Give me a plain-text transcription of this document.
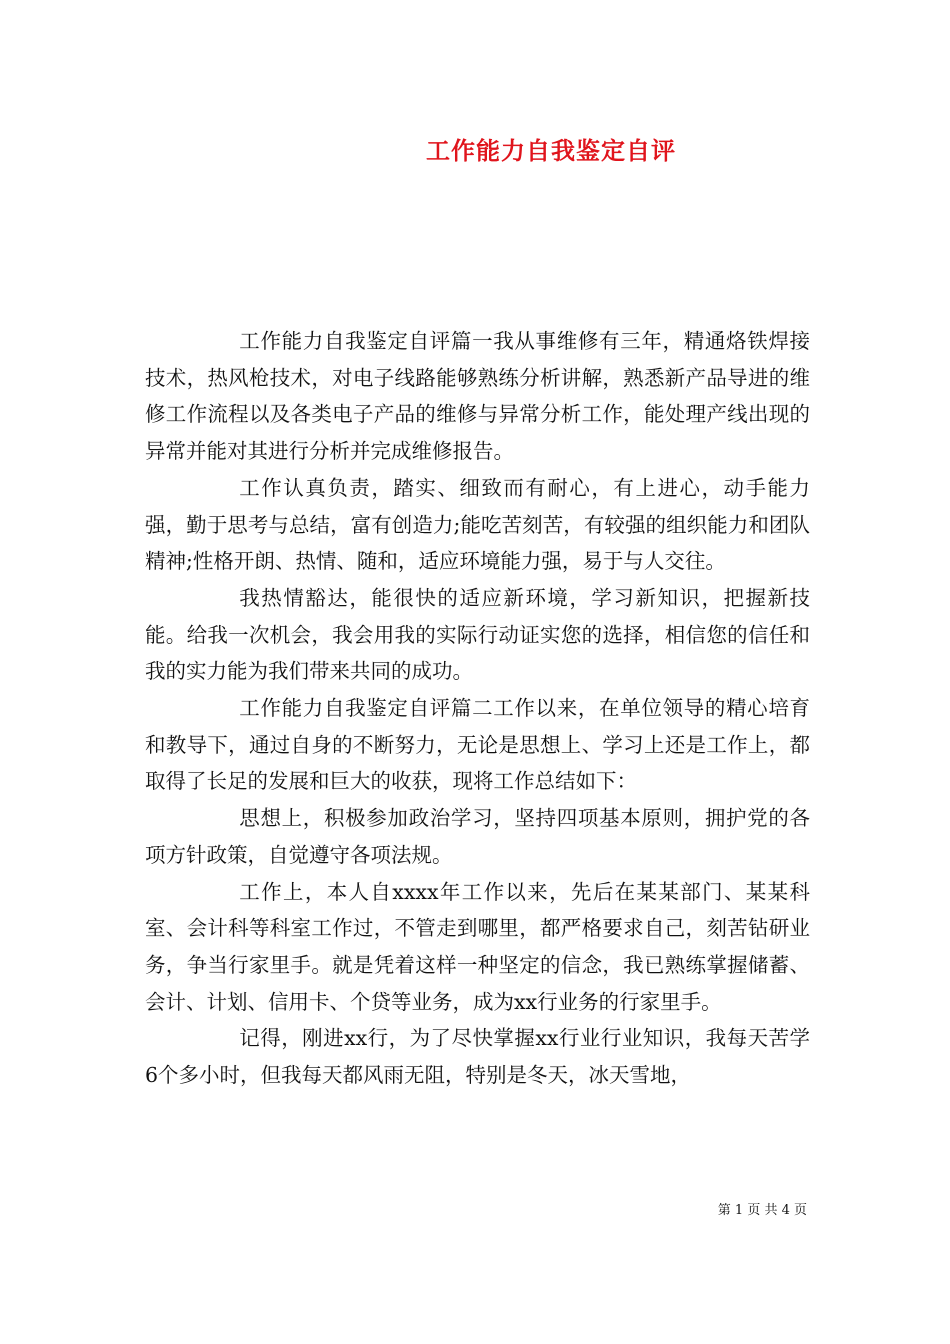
工作能力自我鉴定自评

工作能力自我鉴定自评篇一我从事维修有三年，精通烙铁焊接技术，热风枪技术，对电子线路能够熟练分析讲解，熟悉新产品导进的维修工作流程以及各类电子产品的维修与异常分析工作，能处理产线出现的异常并能对其进行分析并完成维修报告。

工作认真负责，踏实、细致而有耐心，有上进心，动手能力强，勤于思考与总结，富有创造力;能吃苦刻苦，有较强的组织能力和团队精神;性格开朗、热情、随和，适应环境能力强，易于与人交往。

我热情豁达，能很快的适应新环境，学习新知识，把握新技能。给我一次机会，我会用我的实际行动证实您的选择，相信您的信任和我的实力能为我们带来共同的成功。

工作能力自我鉴定自评篇二工作以来，在单位领导的精心培育和教导下，通过自身的不断努力，无论是思想上、学习上还是工作上，都取得了长足的发展和巨大的收获，现将工作总结如下：

思想上，积极参加政治学习，坚持四项基本原则，拥护党的各项方针政策，自觉遵守各项法规。

工作上，本人自xxxx年工作以来，先后在某某部门、某某科室、会计科等科室工作过，不管走到哪里，都严格要求自己，刻苦钻研业务，争当行家里手。就是凭着这样一种坚定的信念，我已熟练掌握储蓄、会计、计划、信用卡、个贷等业务，成为xx行业务的行家里手。

记得，刚进xx行，为了尽快掌握xx行业行业知识，我每天苦学6个多小时，但我每天都风雨无阻，特别是冬天，冰天雪地，

第 1 页 共 4 页
